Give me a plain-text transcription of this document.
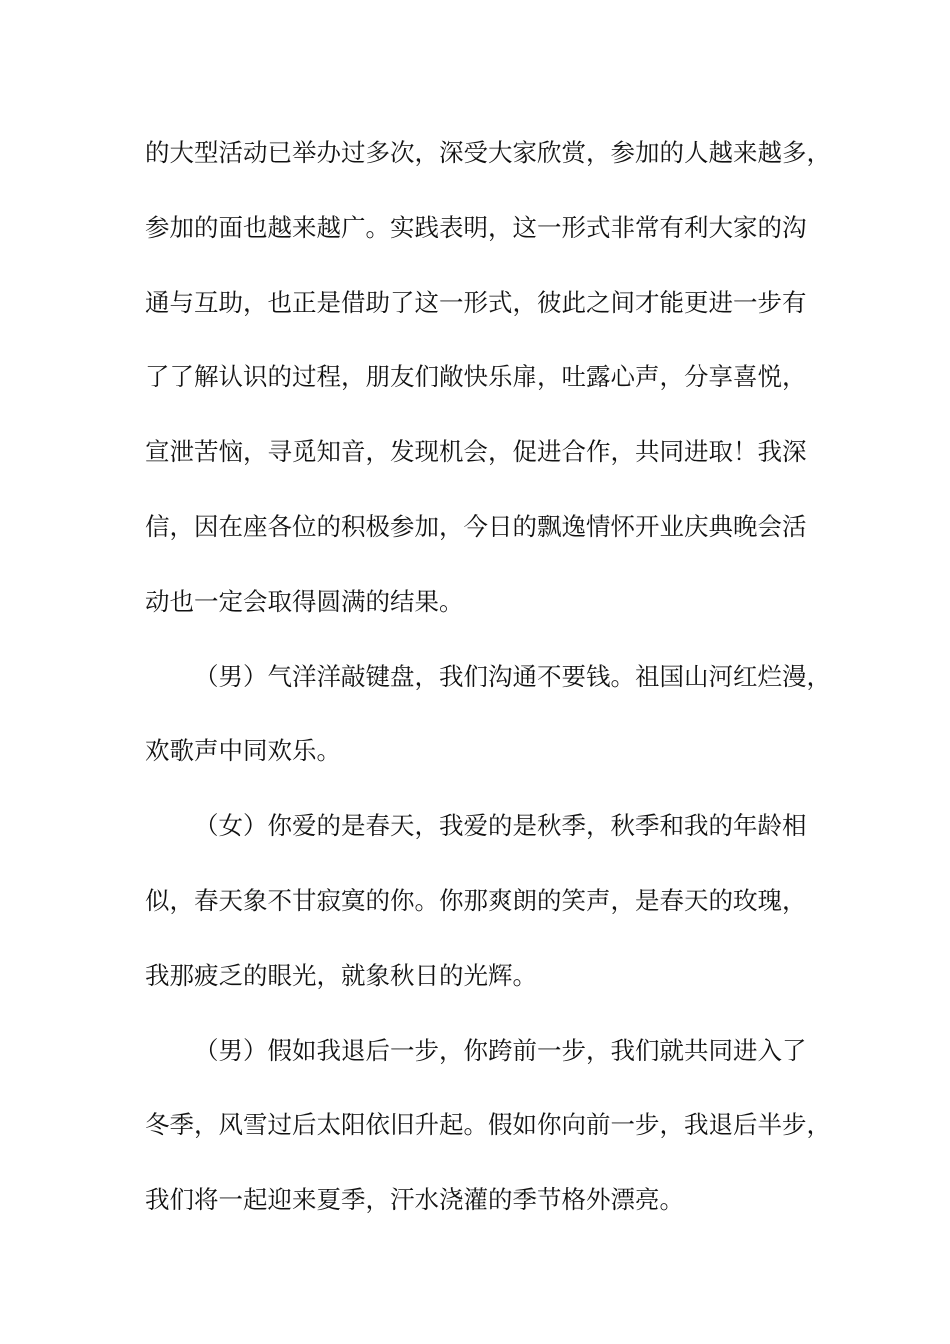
的大型活动已举办过多次，深受大家欣赏，参加的人越来越多，
参加的面也越来越广。实践表明，这一形式非常有利大家的沟
通与互助，也正是借助了这一形式，彼此之间才能更进一步有
了了解认识的过程，朋友们敞快乐扉，吐露心声，分享喜悦，
宣泄苦恼，寻觅知音，发现机会，促进合作，共同进取！我深
信，因在座各位的积极参加，今日的飘逸情怀开业庆典晚会活
动也一定会取得圆满的结果。
（男）气洋洋敲键盘，我们沟通不要钱。祖国山河红烂漫，
欢歌声中同欢乐。
（女）你爱的是春天，我爱的是秋季，秋季和我的年龄相
似，春天象不甘寂寞的你。你那爽朗的笑声，是春天的玫瑰，
我那疲乏的眼光，就象秋日的光辉。
（男）假如我退后一步，你跨前一步，我们就共同进入了
冬季，风雪过后太阳依旧升起。假如你向前一步，我退后半步，
我们将一起迎来夏季，汗水浇灌的季节格外漂亮。
